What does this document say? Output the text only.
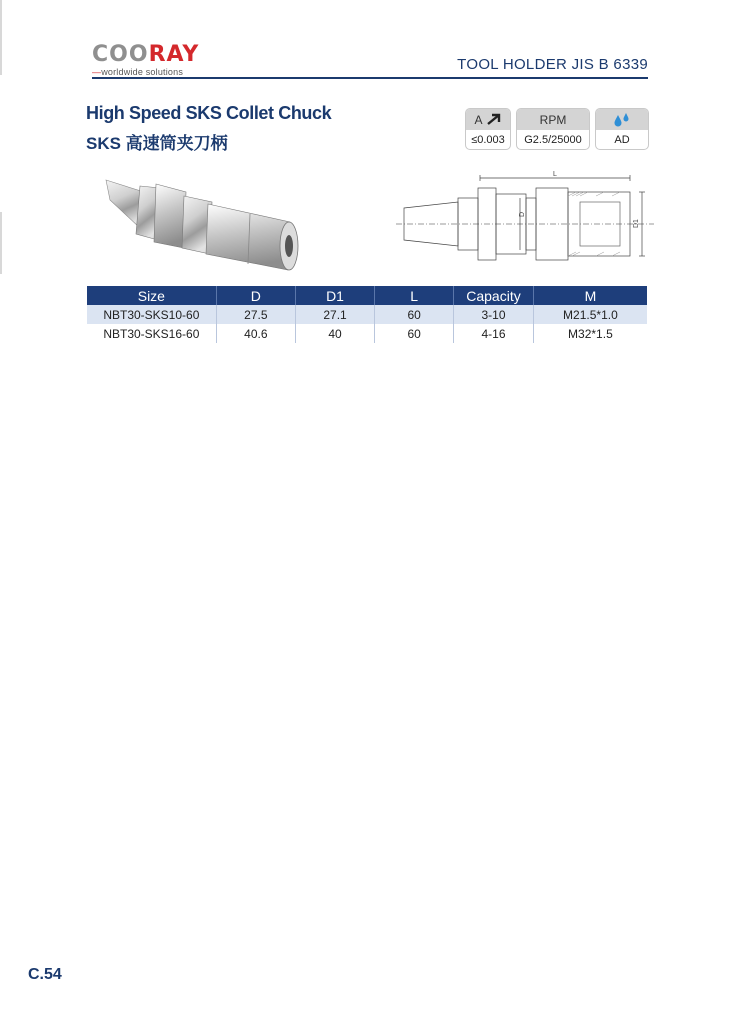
COORAY
—worldwide solutions	TOOL HOLDER JIS B 6339
High Speed SKS Collet Chuck
SKS 高速筒夹刀柄
A
≤0.003
RPM
G2.5/25000	AD
L
D
D1
Size	D	D1	L	Capacity	M
NBT30-SKS10-60	27.5	27.1	60	3-10	M21.5*1.0
NBT30-SKS16-60	40.6	40	60	4-16	M32*1.5
C.54
